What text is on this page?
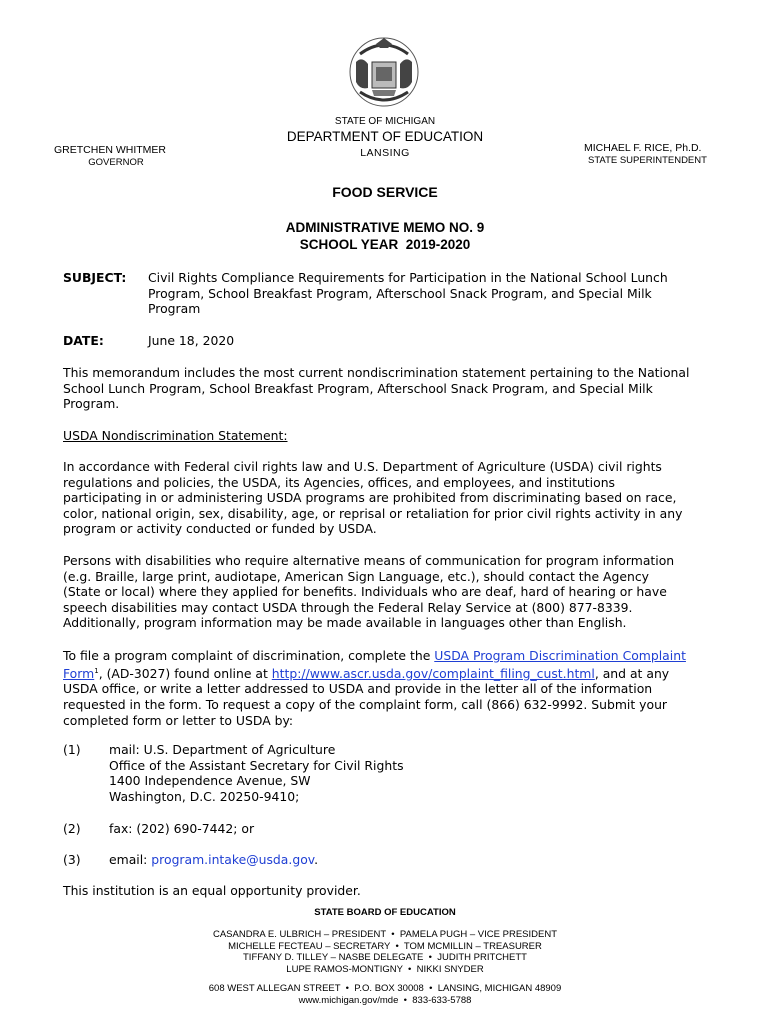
STATE OF MICHIGAN
DEPARTMENT OF EDUCATION
LANSING
GRETCHEN WHITMER
GOVERNOR
MICHAEL F. RICE, Ph.D.
STATE SUPERINTENDENT
FOOD SERVICE
ADMINISTRATIVE MEMO NO. 9
SCHOOL YEAR  2019-2020
SUBJECT: Civil Rights Compliance Requirements for Participation in the National School Lunch
Program, School Breakfast Program, Afterschool Snack Program, and Special Milk
Program
DATE:	June 18, 2020
This memorandum includes the most current nondiscrimination statement pertaining to the National
School Lunch Program, School Breakfast Program, Afterschool Snack Program, and Special Milk
Program.
USDA Nondiscrimination Statement:
In accordance with Federal civil rights law and U.S. Department of Agriculture (USDA) civil rights
regulations and policies, the USDA, its Agencies, offices, and employees, and institutions
participating in or administering USDA programs are prohibited from discriminating based on race,
color, national origin, sex, disability, age, or reprisal or retaliation for prior civil rights activity in any
program or activity conducted or funded by USDA.
Persons with disabilities who require alternative means of communication for program information
(e.g. Braille, large print, audiotape, American Sign Language, etc.), should contact the Agency
(State or local) where they applied for benefits. Individuals who are deaf, hard of hearing or have
speech disabilities may contact USDA through the Federal Relay Service at (800) 877-8339.
Additionally, program information may be made available in languages other than English.
To file a program complaint of discrimination, complete the USDA Program Discrimination Complaint
Form$^1$, (AD-3027) found online at http://www.ascr.usda.gov/complaint_filing_cust.html, and at any
USDA office, or write a letter addressed to USDA and provide in the letter all of the information
requested in the form. To request a copy of the complaint form, call (866) 632-9992. Submit your
completed form or letter to USDA by:
(1) mail: U.S. Department of Agriculture
Office of the Assistant Secretary for Civil Rights
1400 Independence Avenue, SW
Washington, D.C. 20250-9410;
(2) fax: (202) 690-7442; or
(3) email: program.intake@usda.gov.
This institution is an equal opportunity provider.
STATE BOARD OF EDUCATION
CASANDRA E. ULBRICH – PRESIDENT  •  PAMELA PUGH – VICE PRESIDENT
MICHELLE FECTEAU – SECRETARY  •  TOM MCMILLIN – TREASURER
TIFFANY D. TILLEY – NASBE DELEGATE  •  JUDITH PRITCHETT
LUPE RAMOS-MONTIGNY  •  NIKKI SNYDER
608 WEST ALLEGAN STREET  •  P.O. BOX 30008  •  LANSING, MICHIGAN 48909
www.michigan.gov/mde  •  833-633-5788
